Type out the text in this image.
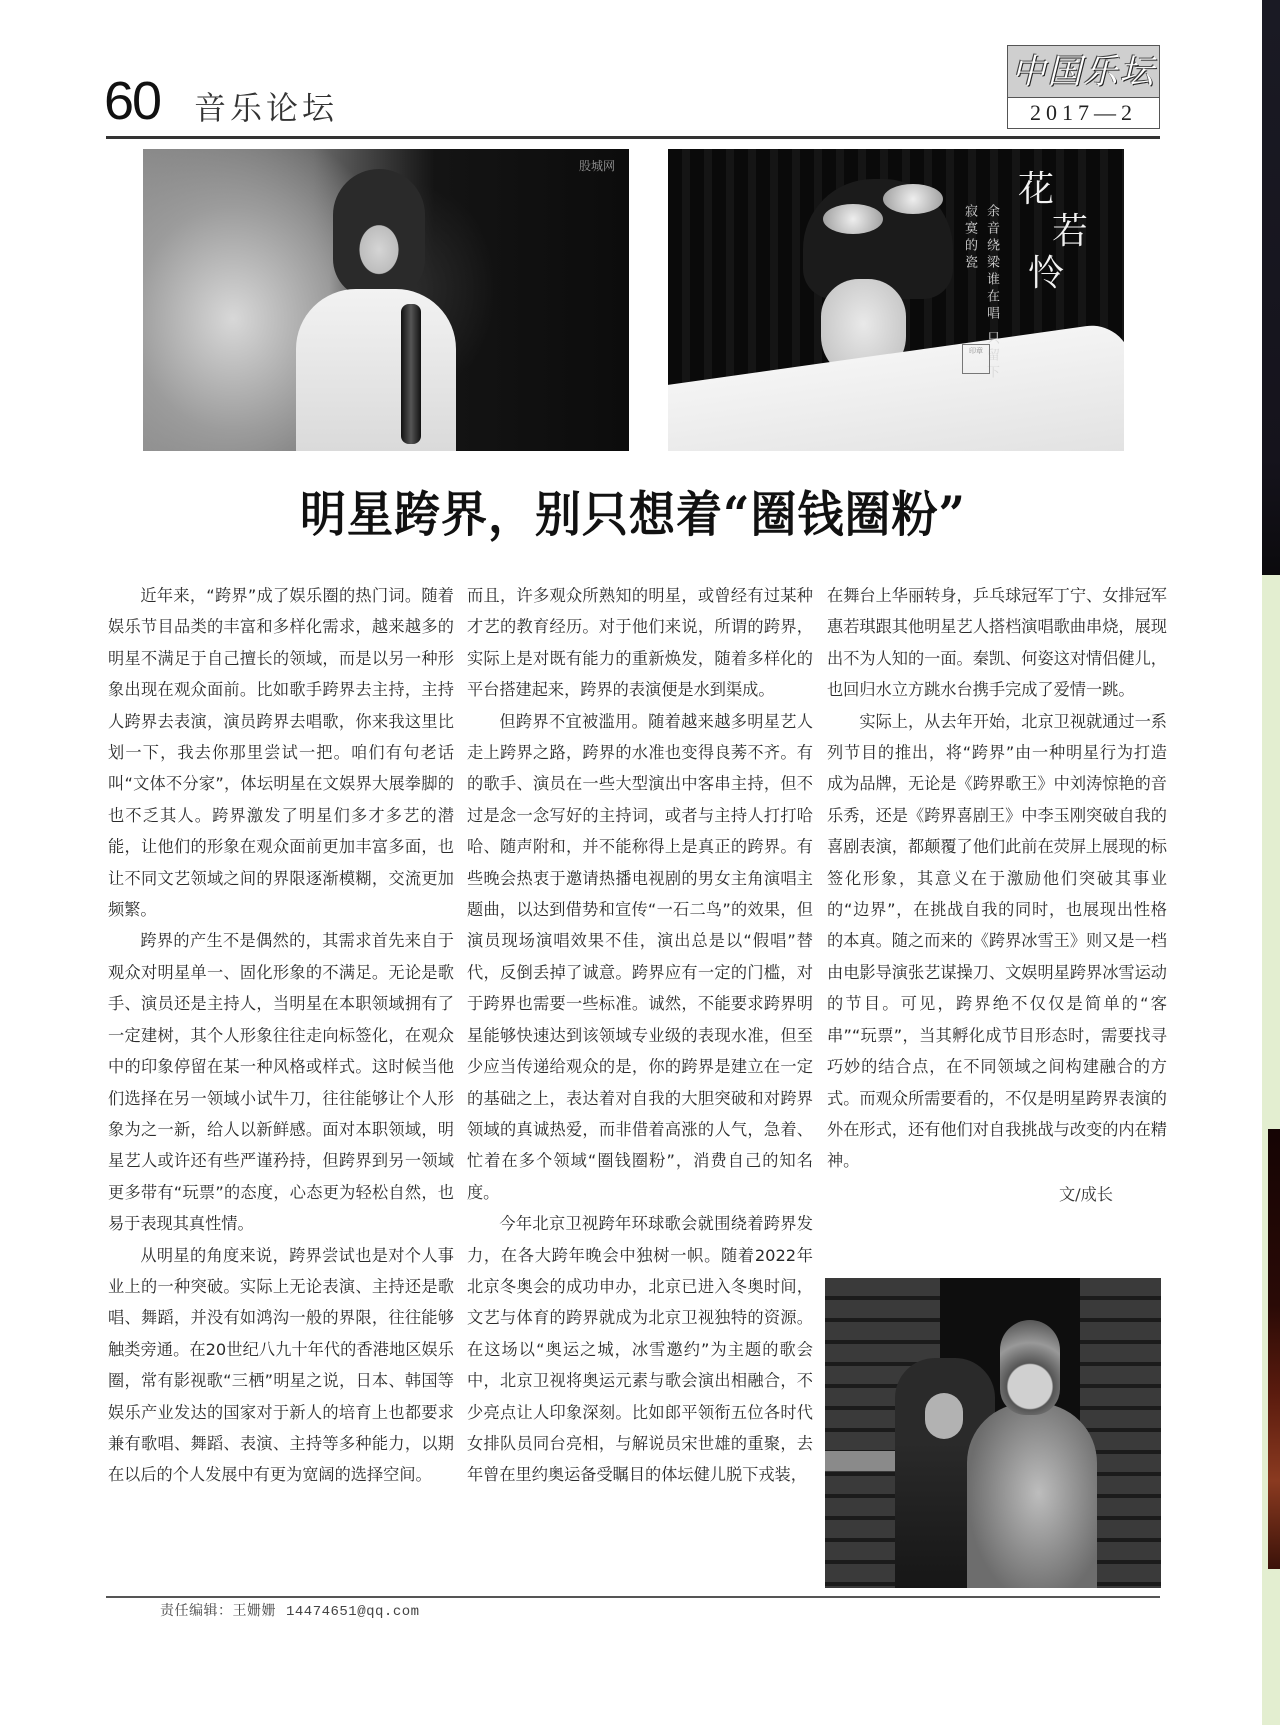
60 音乐论坛
中国乐坛
2017—2
股城网
花
若
怜
余音绕梁谁在唱 只留下寂寞的瓷
印章
明星跨界，别只想着“圈钱圈粉”

近年来，“跨界”成了娱乐圈的热门词。随着娱乐节目品类的丰富和多样化需求，越来越多的明星不满足于自己擅长的领域，而是以另一种形象出现在观众面前。比如歌手跨界去主持，主持人跨界去表演，演员跨界去唱歌，你来我这里比划一下，我去你那里尝试一把。咱们有句老话叫“文体不分家”，体坛明星在文娱界大展拳脚的也不乏其人。跨界激发了明星们多才多艺的潜能，让他们的形象在观众面前更加丰富多面，也让不同文艺领域之间的界限逐渐模糊，交流更加频繁。

跨界的产生不是偶然的，其需求首先来自于观众对明星单一、固化形象的不满足。无论是歌手、演员还是主持人，当明星在本职领域拥有了一定建树，其个人形象往往走向标签化，在观众中的印象停留在某一种风格或样式。这时候当他们选择在另一领域小试牛刀，往往能够让个人形象为之一新，给人以新鲜感。面对本职领域，明星艺人或许还有些严谨矜持，但跨界到另一领域更多带有“玩票”的态度，心态更为轻松自然，也易于表现其真性情。

从明星的角度来说，跨界尝试也是对个人事业上的一种突破。实际上无论表演、主持还是歌唱、舞蹈，并没有如鸿沟一般的界限，往往能够触类旁通。在20世纪八九十年代的香港地区娱乐圈，常有影视歌“三栖”明星之说，日本、韩国等娱乐产业发达的国家对于新人的培育上也都要求兼有歌唱、舞蹈、表演、主持等多种能力，以期在以后的个人发展中有更为宽阔的选择空间。

而且，许多观众所熟知的明星，或曾经有过某种才艺的教育经历。对于他们来说，所谓的跨界，实际上是对既有能力的重新焕发，随着多样化的平台搭建起来，跨界的表演便是水到渠成。

但跨界不宜被滥用。随着越来越多明星艺人走上跨界之路，跨界的水准也变得良莠不齐。有的歌手、演员在一些大型演出中客串主持，但不过是念一念写好的主持词，或者与主持人打打哈哈、随声附和，并不能称得上是真正的跨界。有些晚会热衷于邀请热播电视剧的男女主角演唱主题曲，以达到借势和宣传“一石二鸟”的效果，但演员现场演唱效果不佳，演出总是以“假唱”替代，反倒丢掉了诚意。跨界应有一定的门槛，对于跨界也需要一些标准。诚然，不能要求跨界明星能够快速达到该领域专业级的表现水准，但至少应当传递给观众的是，你的跨界是建立在一定的基础之上，表达着对自我的大胆突破和对跨界领域的真诚热爱，而非借着高涨的人气，急着、忙着在多个领域“圈钱圈粉”，消费自己的知名度。

今年北京卫视跨年环球歌会就围绕着跨界发力，在各大跨年晚会中独树一帜。随着2022年北京冬奥会的成功申办，北京已进入冬奥时间，文艺与体育的跨界就成为北京卫视独特的资源。在这场以“奥运之城，冰雪邀约”为主题的歌会中，北京卫视将奥运元素与歌会演出相融合，不少亮点让人印象深刻。比如郎平领衔五位各时代女排队员同台亮相，与解说员宋世雄的重聚，去年曾在里约奥运备受瞩目的体坛健儿脱下戎装，

在舞台上华丽转身，乒乓球冠军丁宁、女排冠军惠若琪跟其他明星艺人搭档演唱歌曲串烧，展现出不为人知的一面。秦凯、何姿这对情侣健儿，也回归水立方跳水台携手完成了爱情一跳。

实际上，从去年开始，北京卫视就通过一系列节目的推出，将“跨界”由一种明星行为打造成为品牌，无论是《跨界歌王》中刘涛惊艳的音乐秀，还是《跨界喜剧王》中李玉刚突破自我的喜剧表演，都颠覆了他们此前在荧屏上展现的标签化形象，其意义在于激励他们突破其事业的“边界”，在挑战自我的同时，也展现出性格的本真。随之而来的《跨界冰雪王》则又是一档由电影导演张艺谋操刀、文娱明星跨界冰雪运动的节目。可见，跨界绝不仅仅是简单的“客串”“玩票”，当其孵化成节目形态时，需要找寻巧妙的结合点，在不同领域之间构建融合的方式。而观众所需要看的，不仅是明星跨界表演的外在形式，还有他们对自我挑战与改变的内在精神。

文/成长
责任编辑：王姗姗 14474651@qq.com
